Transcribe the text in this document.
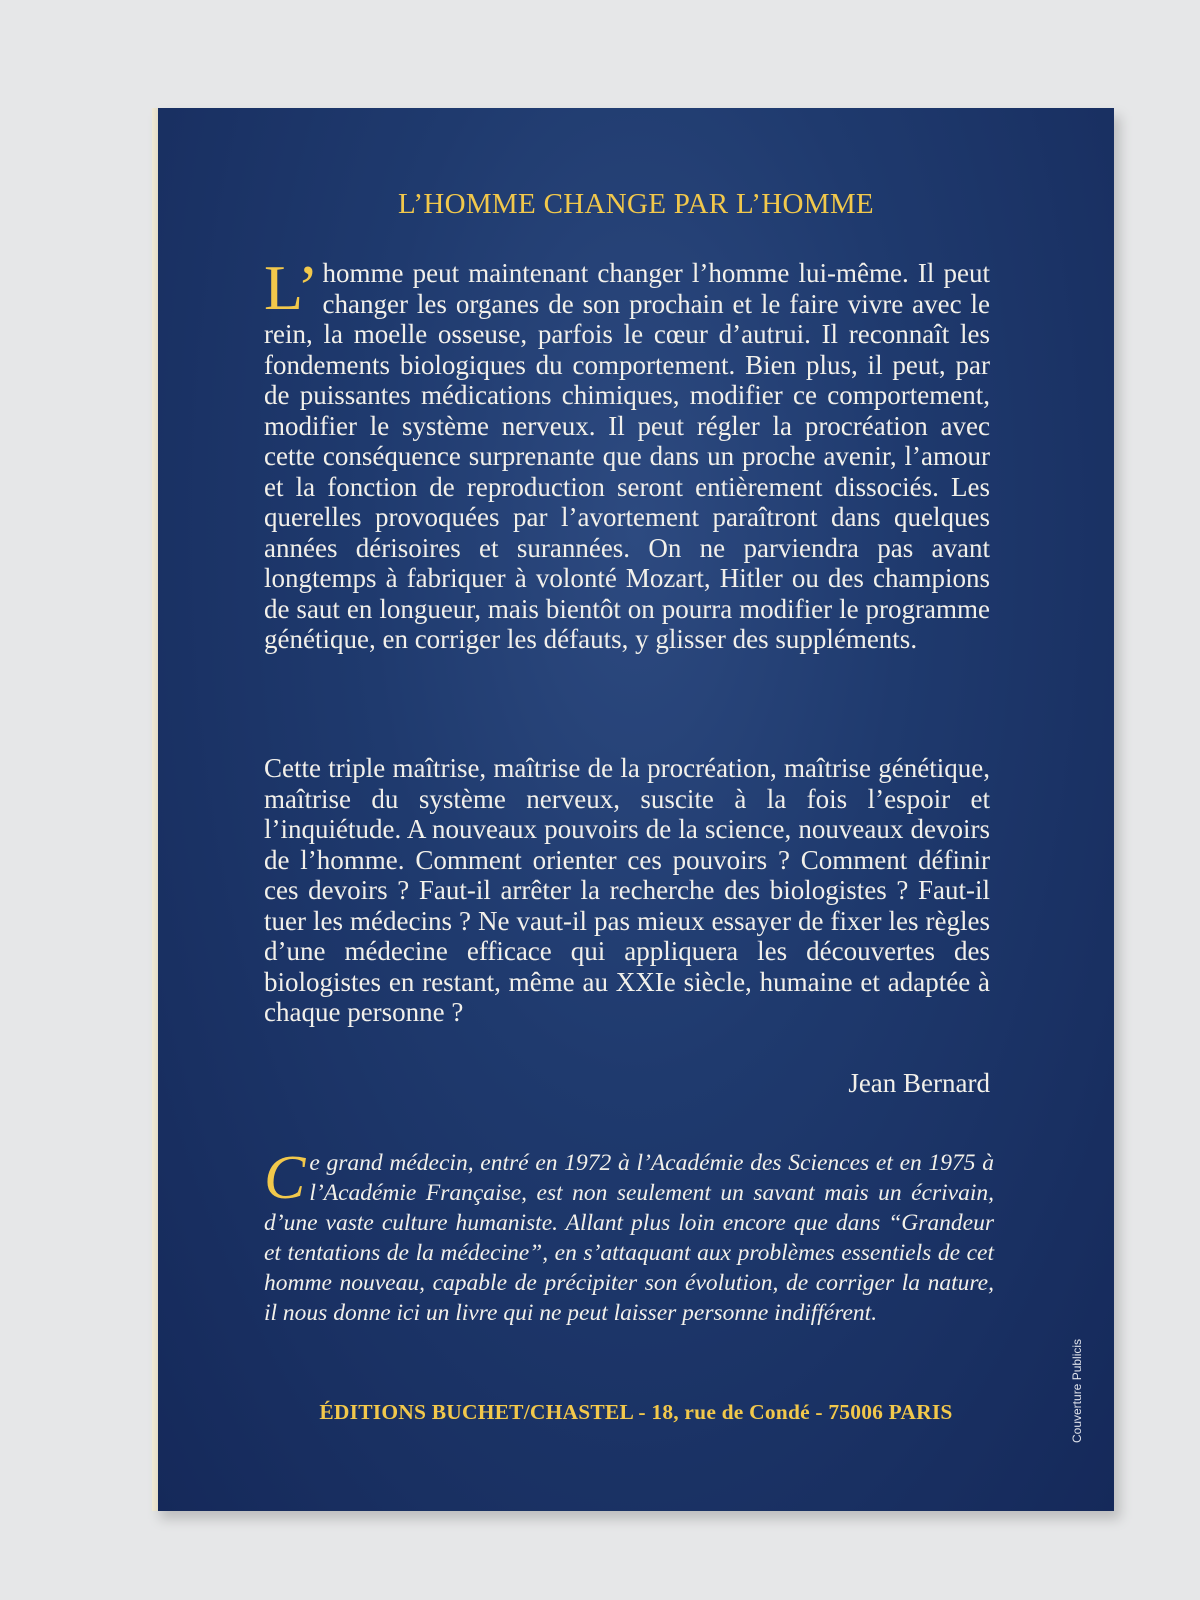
L’HOMME CHANGE PAR L’HOMME

L’ homme peut maintenant changer l’homme lui-même. Il peut changer les organes de son prochain et le faire vivre avec le rein, la moelle osseuse, parfois le cœur d’autrui. Il reconnaît les fondements biologiques du comportement. Bien plus, il peut, par de puissantes médications chimiques, modifier ce comportement, modifier le système nerveux. Il peut régler la procréation avec cette conséquence surprenante que dans un proche avenir, l’amour et la fonction de reproduction seront entièrement dissociés. Les querelles provoquées par l’avortement paraîtront dans quelques années dérisoires et surannées. On ne parviendra pas avant longtemps à fabriquer à volonté Mozart, Hitler ou des champions de saut en longueur, mais bientôt on pourra modifier le programme génétique, en corriger les défauts, y glisser des suppléments.

Cette triple maîtrise, maîtrise de la procréation, maîtrise génétique, maîtrise du système nerveux, suscite à la fois l’espoir et l’inquiétude. A nouveaux pouvoirs de la science, nouveaux devoirs de l’homme. Comment orienter ces pouvoirs ? Comment définir ces devoirs ? Faut-il arrêter la recherche des biologistes ? Faut-il tuer les médecins ? Ne vaut-il pas mieux essayer de fixer les règles d’une médecine efficace qui appliquera les découvertes des biologistes en restant, même au XXIe siècle, humaine et adaptée à chaque personne ?

Jean Bernard

C e grand médecin, entré en 1972 à l’Académie des Sciences et en 1975 à l’Académie Française, est non seulement un savant mais un écrivain, d’une vaste culture humaniste. Allant plus loin encore que dans “Grandeur et tentations de la médecine”, en s’attaquant aux problèmes essentiels de cet homme nouveau, capable de précipiter son évolution, de corriger la nature, il nous donne ici un livre qui ne peut laisser personne indifférent.

Couverture Publicis
ÉDITIONS BUCHET/CHASTEL - 18, rue de Condé - 75006 PARIS
